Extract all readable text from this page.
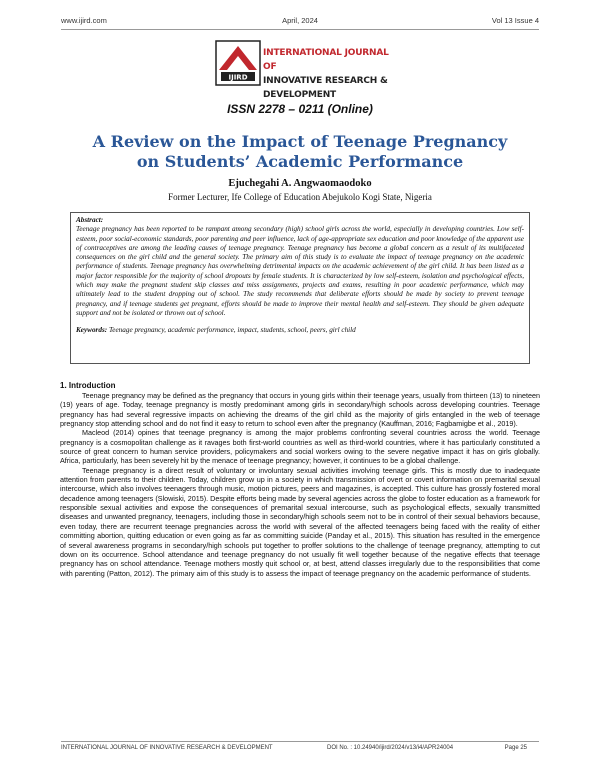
www.ijird.com	April, 2024	Vol 13 Issue 4
IJIRD
INTERNATIONAL JOURNAL OF
INNOVATIVE RESEARCH & DEVELOPMENT
ISSN 2278 – 0211 (Online)
A Review on the Impact of Teenage Pregnancy on Students’ Academic Performance
Ejuchegahi A. Angwaomaodoko
Former Lecturer, Ife College of Education Abejukolo Kogi State, Nigeria
Abstract:
Teenage pregnancy has been reported to be rampant among secondary (high) school girls across the world, especially in developing countries. Low self-esteem, poor social-economic standards, poor parenting and peer influence, lack of age-appropriate sex education and poor knowledge of the apparent use of contraceptives are among the leading causes of teenage pregnancy. Teenage pregnancy has become a global concern as a result of its multifaceted consequences on the girl child and the general society. The primary aim of this study is to evaluate the impact of teenage pregnancy on the academic performance of students. Teenage pregnancy has overwhelming detrimental impacts on the academic achievement of the girl child. It has been listed as a major factor responsible for the majority of school dropouts by female students. It is characterized by low self-esteem, isolation and psychological effects, which may make the pregnant student skip classes and miss assignments, projects and exams, resulting in poor academic performance, which may ultimately lead to the student dropping out of school. The study recommends that deliberate efforts should be made by society to prevent teenage pregnancy, and if teenage students get pregnant, efforts should be made to improve their mental health and self-esteem. They should be given adequate support and not be isolated or thrown out of school.
Keywords: Teenage pregnancy, academic performance, impact, students, school, peers, girl child
1. Introduction

Teenage pregnancy may be defined as the pregnancy that occurs in young girls within their teenage years, usually from thirteen (13) to nineteen (19) years of age. Today, teenage pregnancy is mostly predominant among girls in secondary/high schools across developing countries. Teenage pregnancy has had several regressive impacts on achieving the dreams of the girl child as the majority of girls entangled in the web of teenage pregnancy stop attending school and do not find it easy to return to school even after the pregnancy (Kauffman, 2016; Fagbamigbe et al., 2019).

Macleod (2014) opines that teenage pregnancy is among the major problems confronting several countries across the world. Teenage pregnancy is a cosmopolitan challenge as it ravages both first-world countries as well as third-world countries, where it has particularly constituted a source of great concern to human service providers, policymakers and social workers owing to the severe negative impact it has on girls globally. Africa, particularly, has been severely hit by the menace of teenage pregnancy; however, it continues to be a global challenge.

Teenage pregnancy is a direct result of voluntary or involuntary sexual activities involving teenage girls. This is mostly due to inadequate attention from parents to their children. Today, children grow up in a society in which transmission of overt or covert information on premarital sexual intercourse, which also involves teenagers through music, motion pictures, peers and magazines, is accepted. This culture has grossly fostered moral decadence among teenagers (Slowiski, 2015). Despite efforts being made by several agencies across the globe to foster education as a framework for responsible sexual activities and expose the consequences of premarital sexual intercourse, such as psychological effects, sexually transmitted diseases and unwanted pregnancy, teenagers, including those in secondary/high schools seem not to be in control of their sexual behaviors because, even today, there are recurrent teenage pregnancies across the world with several of the affected teenagers being faced with the reality of either committing abortion, quitting education or even going as far as committing suicide (Panday et al., 2015). This situation has resulted in the emergence of several awareness programs in secondary/high schools put together to proffer solutions to the challenge of teenage pregnancy, attempting to cut down on its occurrence. School attendance and teenage pregnancy do not usually fit well together because of the negative effects that teenage pregnancy has on school attendance. Teenage mothers mostly quit school or, at best, attend classes irregularly due to the responsibilities that come with parenting (Patton, 2012). The primary aim of this study is to assess the impact of teenage pregnancy on the academic performance of students.

INTERNATIONAL JOURNAL OF INNOVATIVE RESEARCH & DEVELOPMENT	DOI No. : 10.24940/ijird/2024/v13/i4/APR24004	Page 25
